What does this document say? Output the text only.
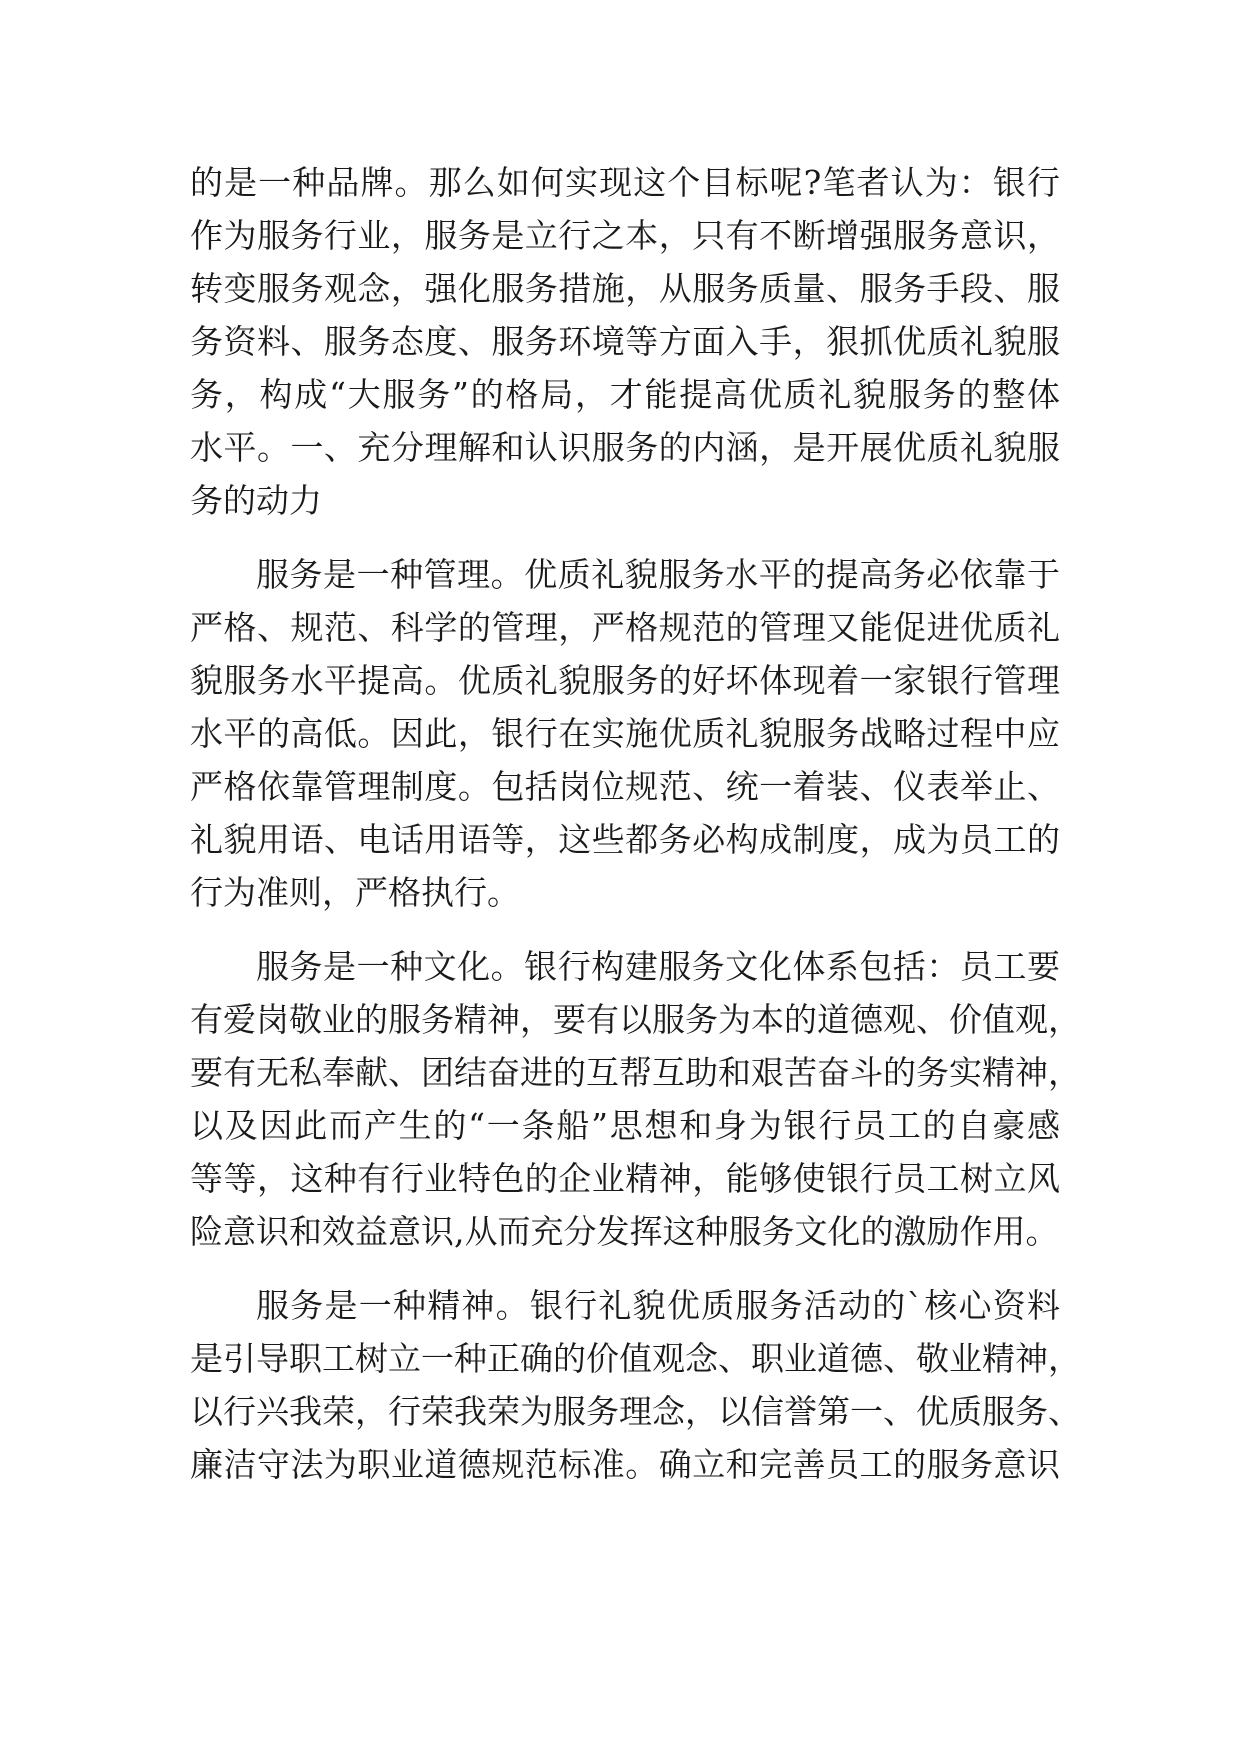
的是一种品牌。那么如何实现这个目标呢?笔者认为：银行
作为服务行业，服务是立行之本，只有不断增强服务意识，
转变服务观念，强化服务措施，从服务质量、服务手段、服
务资料、服务态度、服务环境等方面入手，狠抓优质礼貌服
务，构成“大服务”的格局，才能提高优质礼貌服务的整体
水平。一、充分理解和认识服务的内涵，是开展优质礼貌服
务的动力
服务是一种管理。优质礼貌服务水平的提高务必依靠于
严格、规范、科学的管理，严格规范的管理又能促进优质礼
貌服务水平提高。优质礼貌服务的好坏体现着一家银行管理
水平的高低。因此，银行在实施优质礼貌服务战略过程中应
严格依靠管理制度。包括岗位规范、统一着装、仪表举止、
礼貌用语、电话用语等，这些都务必构成制度，成为员工的
行为准则，严格执行。
服务是一种文化。银行构建服务文化体系包括：员工要
有爱岗敬业的服务精神，要有以服务为本的道德观、价值观，
要有无私奉献、团结奋进的互帮互助和艰苦奋斗的务实精神，
以及因此而产生的“一条船”思想和身为银行员工的自豪感
等等，这种有行业特色的企业精神，能够使银行员工树立风
险意识和效益意识,从而充分发挥这种服务文化的激励作用。
服务是一种精神。银行礼貌优质服务活动的`核心资料
是引导职工树立一种正确的价值观念、职业道德、敬业精神，
以行兴我荣，行荣我荣为服务理念，以信誉第一、优质服务、
廉洁守法为职业道德规范标准。确立和完善员工的服务意识
